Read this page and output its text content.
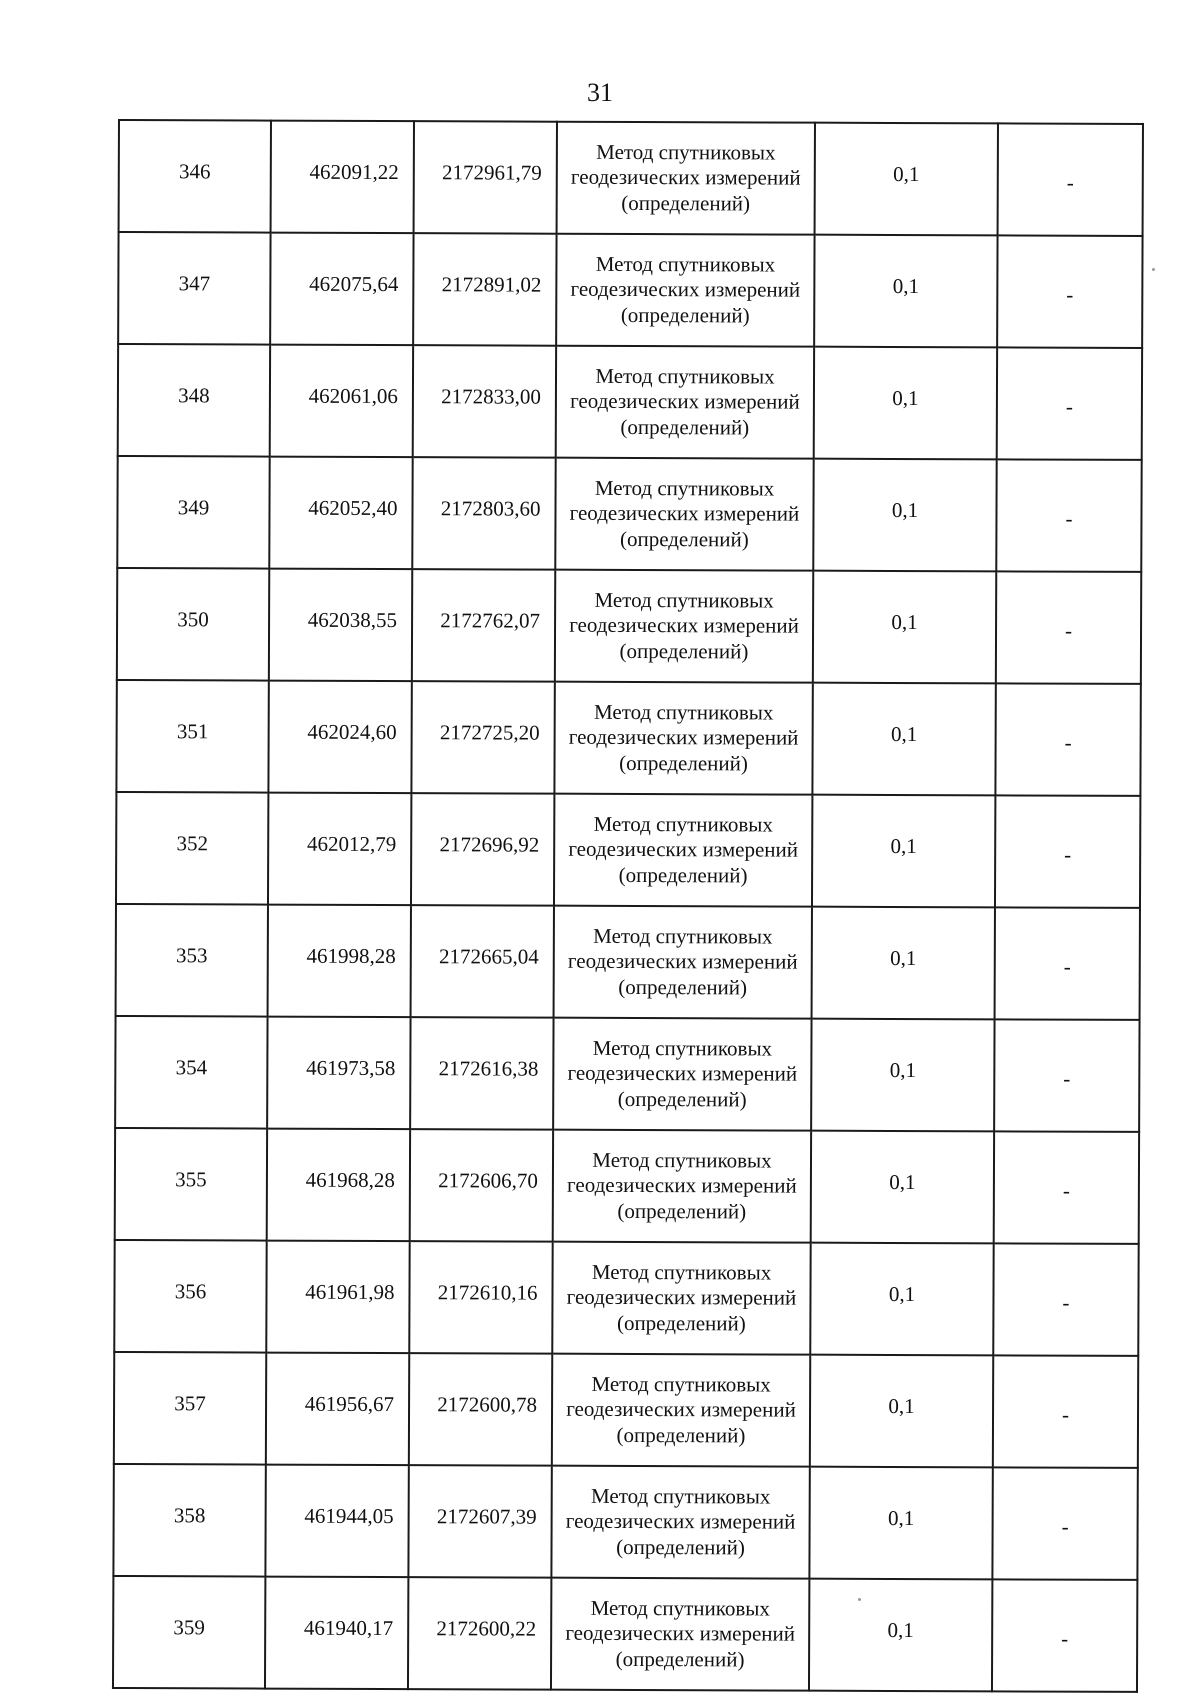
31
346	462091,22	2172961,79	Метод спутниковых
геодезических измерений
(определений)	0,1	-
347	462075,64	2172891,02	Метод спутниковых
геодезических измерений
(определений)	0,1	-
348	462061,06	2172833,00	Метод спутниковых
геодезических измерений
(определений)	0,1	-
349	462052,40	2172803,60	Метод спутниковых
геодезических измерений
(определений)	0,1	-
350	462038,55	2172762,07	Метод спутниковых
геодезических измерений
(определений)	0,1	-
351	462024,60	2172725,20	Метод спутниковых
геодезических измерений
(определений)	0,1	-
352	462012,79	2172696,92	Метод спутниковых
геодезических измерений
(определений)	0,1	-
353	461998,28	2172665,04	Метод спутниковых
геодезических измерений
(определений)	0,1	-
354	461973,58	2172616,38	Метод спутниковых
геодезических измерений
(определений)	0,1	-
355	461968,28	2172606,70	Метод спутниковых
геодезических измерений
(определений)	0,1	-
356	461961,98	2172610,16	Метод спутниковых
геодезических измерений
(определений)	0,1	-
357	461956,67	2172600,78	Метод спутниковых
геодезических измерений
(определений)	0,1	-
358	461944,05	2172607,39	Метод спутниковых
геодезических измерений
(определений)	0,1	-
359	461940,17	2172600,22	Метод спутниковых
геодезических измерений
(определений)	0,1	-
